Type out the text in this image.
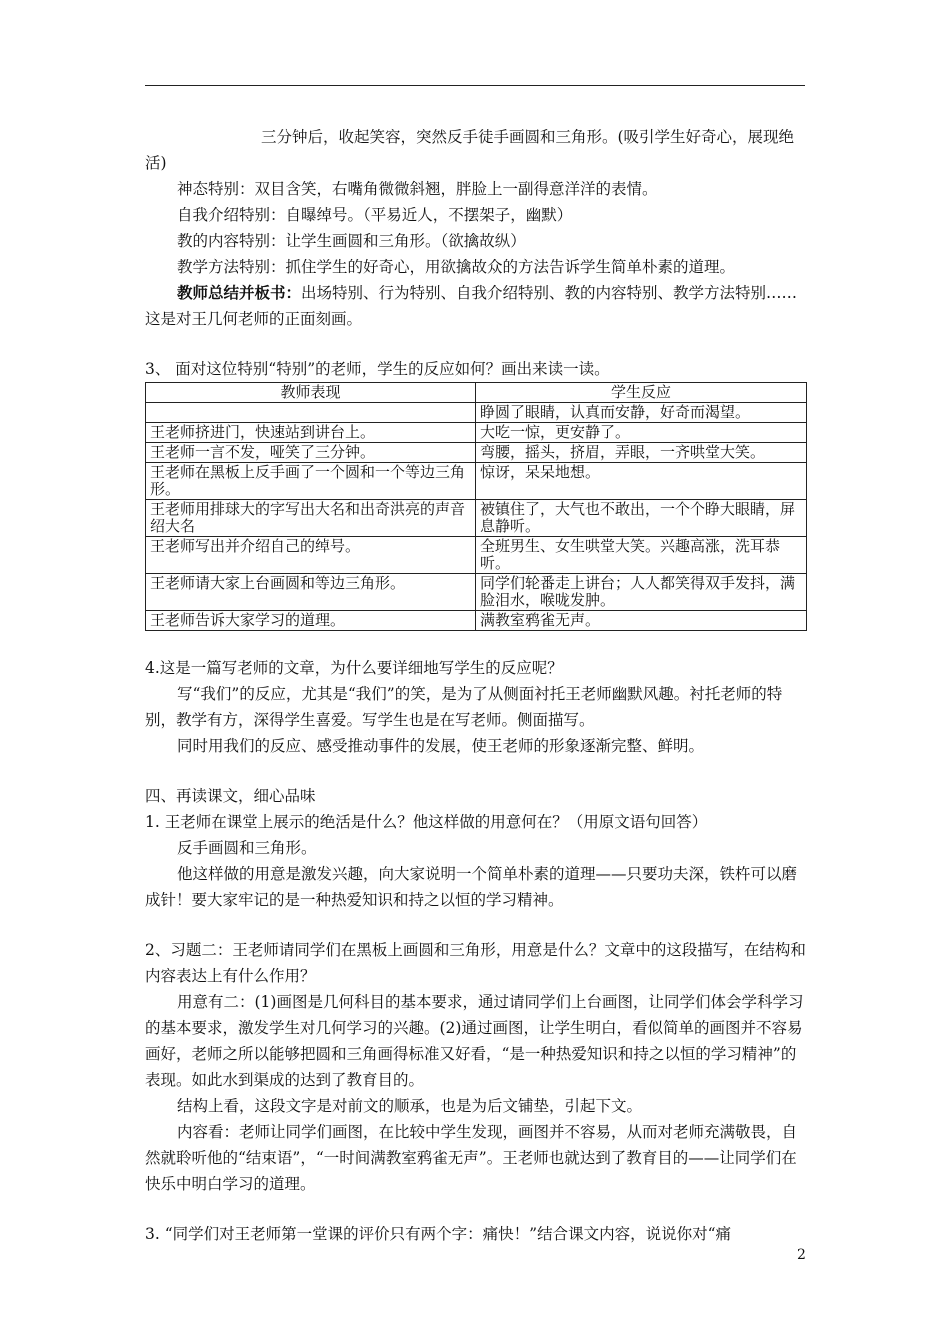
三分钟后，收起笑容，突然反手徒手画圆和三角形。(吸引学生好奇心，展现绝活)

神态特别：双目含笑，右嘴角微微斜翘，胖脸上一副得意洋洋的表情。

自我介绍特别：自曝绰号。（平易近人，不摆架子，幽默）

教的内容特别：让学生画圆和三角形。（欲擒故纵）

教学方法特别：抓住学生的好奇心，用欲擒故众的方法告诉学生简单朴素的道理。

教师总结并板书：出场特别、行为特别、自我介绍特别、教的内容特别、教学方法特别……这是对王几何老师的正面刻画。

3、 面对这位特别“特别”的老师，学生的反应如何？画出来读一读。

教师表现	学生反应
	睁圆了眼睛，认真而安静，好奇而渴望。
王老师挤进门，快速站到讲台上。	大吃一惊，更安静了。
王老师一言不发，哑笑了三分钟。	弯腰，摇头，挤眉，弄眼，一齐哄堂大笑。
王老师在黑板上反手画了一个圆和一个等边三角形。	惊讶，呆呆地想。
王老师用排球大的字写出大名和出奇洪亮的声音绍大名	被镇住了，大气也不敢出，一个个睁大眼睛，屏息静听。
王老师写出并介绍自己的绰号。	全班男生、女生哄堂大笑。兴趣高涨，洗耳恭听。
王老师请大家上台画圆和等边三角形。	同学们轮番走上讲台；人人都笑得双手发抖，满脸泪水，喉咙发肿。
王老师告诉大家学习的道理。	满教室鸦雀无声。

4.这是一篇写老师的文章，为什么要详细地写学生的反应呢？

写“我们”的反应，尤其是“我们”的笑，是为了从侧面衬托王老师幽默风趣。衬托老师的特别，教学有方，深得学生喜爱。写学生也是在写老师。侧面描写。

同时用我们的反应、感受推动事件的发展，使王老师的形象逐渐完整、鲜明。

四、再读课文，细心品味

1. 王老师在课堂上展示的绝活是什么？他这样做的用意何在？（用原文语句回答）

反手画圆和三角形。

他这样做的用意是激发兴趣，向大家说明一个简单朴素的道理——只要功夫深，铁杵可以磨成针！要大家牢记的是一种热爱知识和持之以恒的学习精神。

2、习题二：王老师请同学们在黑板上画圆和三角形，用意是什么？文章中的这段描写，在结构和内容表达上有什么作用？

用意有二：(1)画图是几何科目的基本要求，通过请同学们上台画图，让同学们体会学科学习的基本要求，激发学生对几何学习的兴趣。(2)通过画图，让学生明白，看似简单的画图并不容易画好，老师之所以能够把圆和三角画得标准又好看，“是一种热爱知识和持之以恒的学习精神”的表现。如此水到渠成的达到了教育目的。

结构上看，这段文字是对前文的顺承，也是为后文铺垫，引起下文。

内容看：老师让同学们画图，在比较中学生发现，画图并不容易，从而对老师充满敬畏，自然就聆听他的“结束语”，“一时间满教室鸦雀无声”。王老师也就达到了教育目的——让同学们在快乐中明白学习的道理。

3. “同学们对王老师第一堂课的评价只有两个字：痛快！”结合课文内容，说说你对“痛

2
